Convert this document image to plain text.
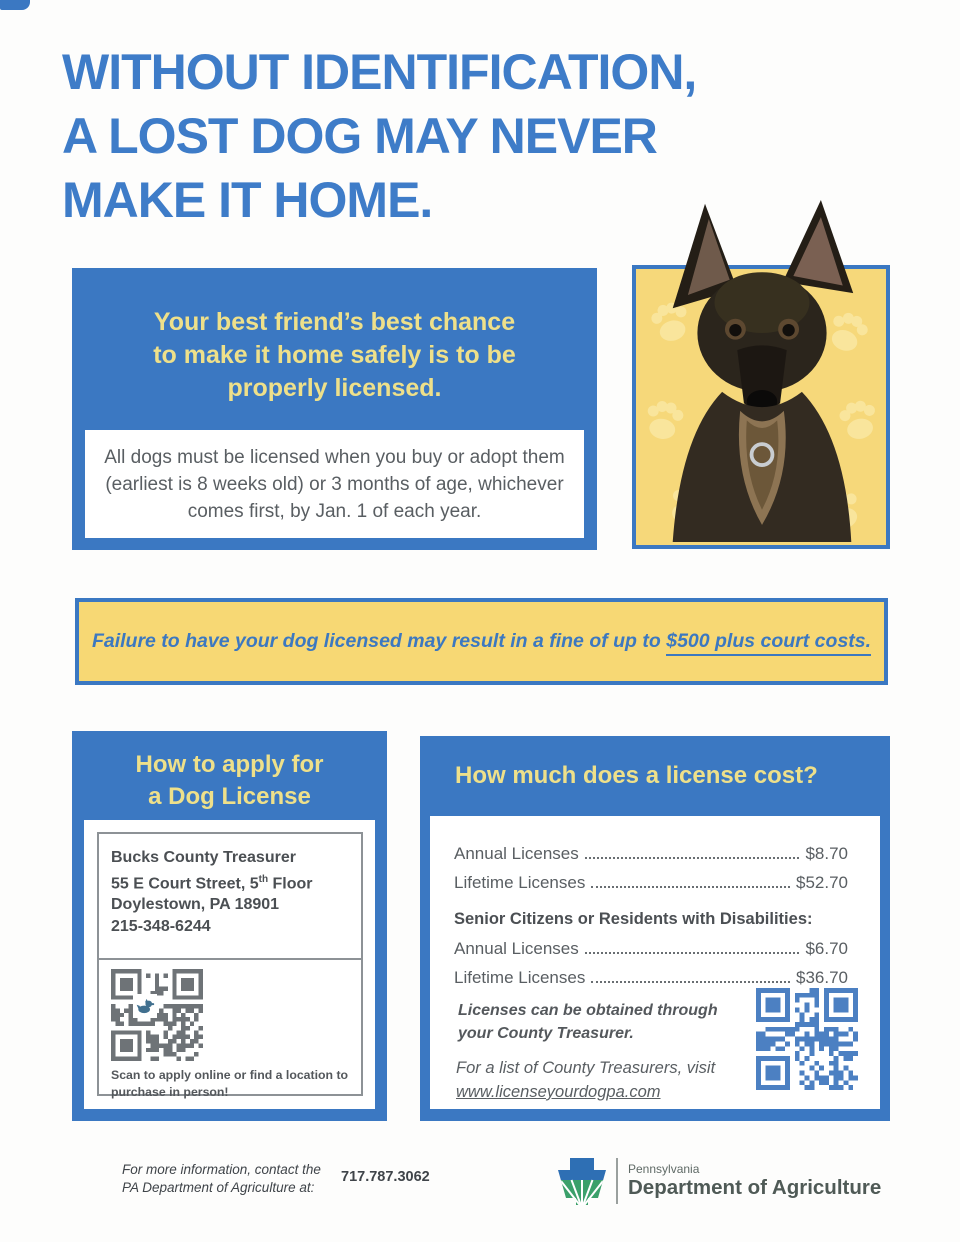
WITHOUT IDENTIFICATION,
A LOST DOG MAY NEVER
MAKE IT HOME.
Your best friend’s best chance
to make it home safely is to be
properly licensed.
All dogs must be licensed when you buy or adopt them (earliest is 8 weeks old) or 3 months of age, whichever comes first, by Jan. 1 of each year.
Failure to have your dog licensed may result in a fine of up to $500 plus court costs.
How to apply for
a Dog License
Bucks County Treasurer
55 E Court Street, 5th Floor
Doylestown, PA 18901
215-348-6244
Scan to apply online or find a location to
purchase in person!
How much does a license cost?
Annual Licenses	$8.70
Lifetime Licenses	$52.70
Senior Citizens or Residents with Disabilities:
Annual Licenses	$6.70
Lifetime Licenses	$36.70
Licenses can be obtained through
your County Treasurer.
For a list of County Treasurers, visit
www.licenseyourdogpa.com
For more information, contact the
PA Department of Agriculture at:
717.787.3062	Pennsylvania
Department of Agriculture
